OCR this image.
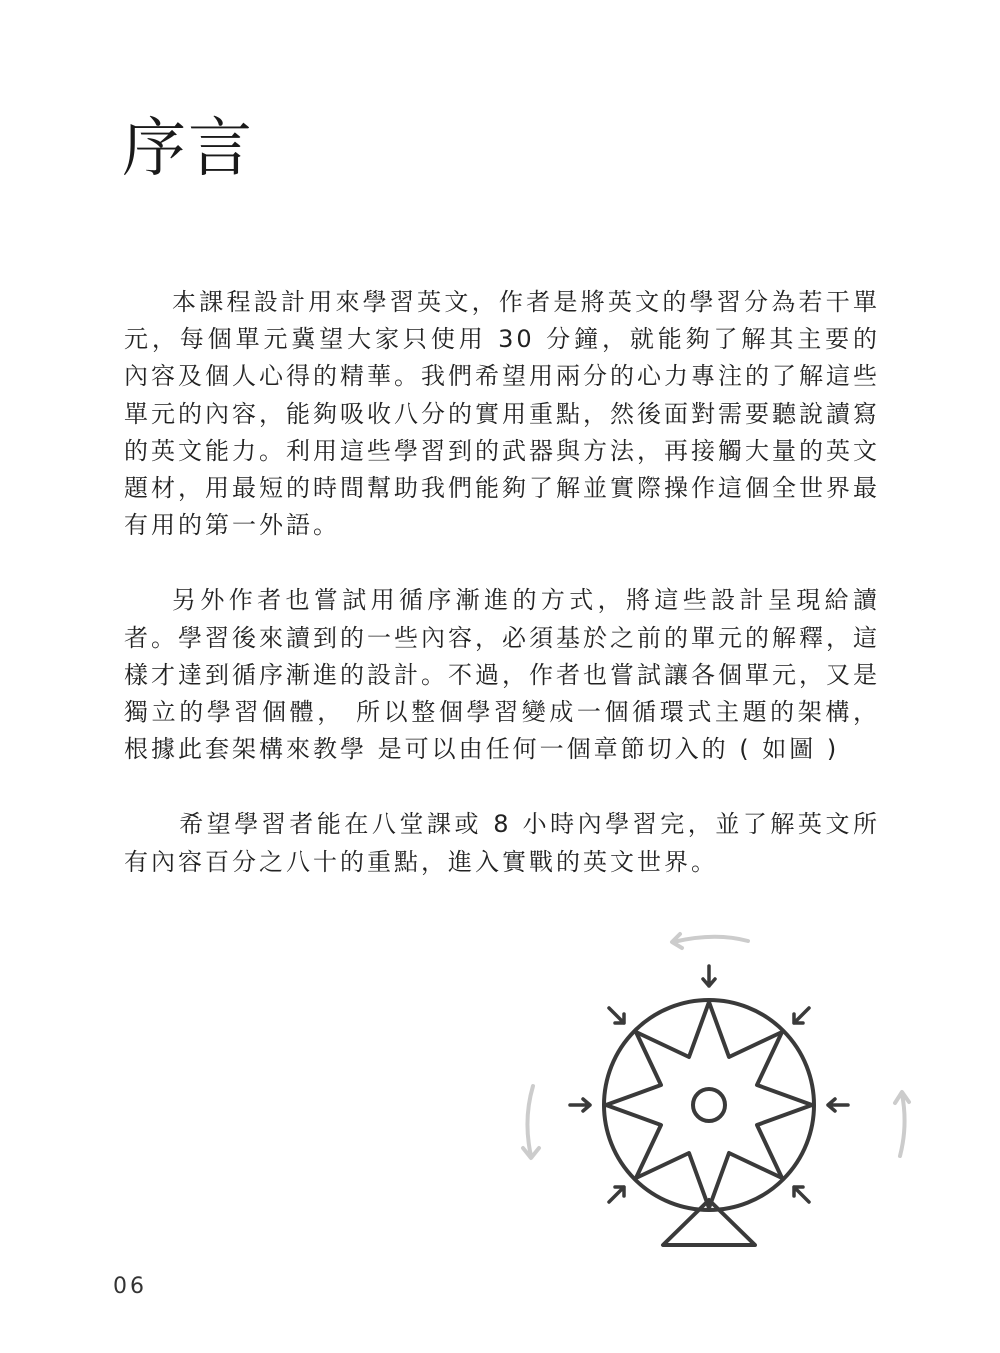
序言

本課程設計用來學習英文，作者是將英文的學習分為若干單元，每個單元冀望大家只使用 30 分鐘，就能夠了解其主要的內容及個人心得的精華。我們希望用兩分的心力專注的了解這些單元的內容，能夠吸收八分的實用重點，然後面對需要聽說讀寫的英文能力。利用這些學習到的武器與方法，再接觸大量的英文題材，用最短的時間幫助我們能夠了解並實際操作這個全世界最有用的第一外語。

另外作者也嘗試用循序漸進的方式，將這些設計呈現給讀者。學習後來讀到的一些內容，必須基於之前的單元的解釋，這樣才達到循序漸進的設計。不過，作者也嘗試讓各個單元，又是獨立的學習個體， 所以整個學習變成一個循環式主題的架構，根據此套架構來教學 是可以由任何一個章節切入的 ( 如圖 )

希望學習者能在八堂課或 8 小時內學習完，並了解英文所有內容百分之八十的重點，進入實戰的英文世界。

06
